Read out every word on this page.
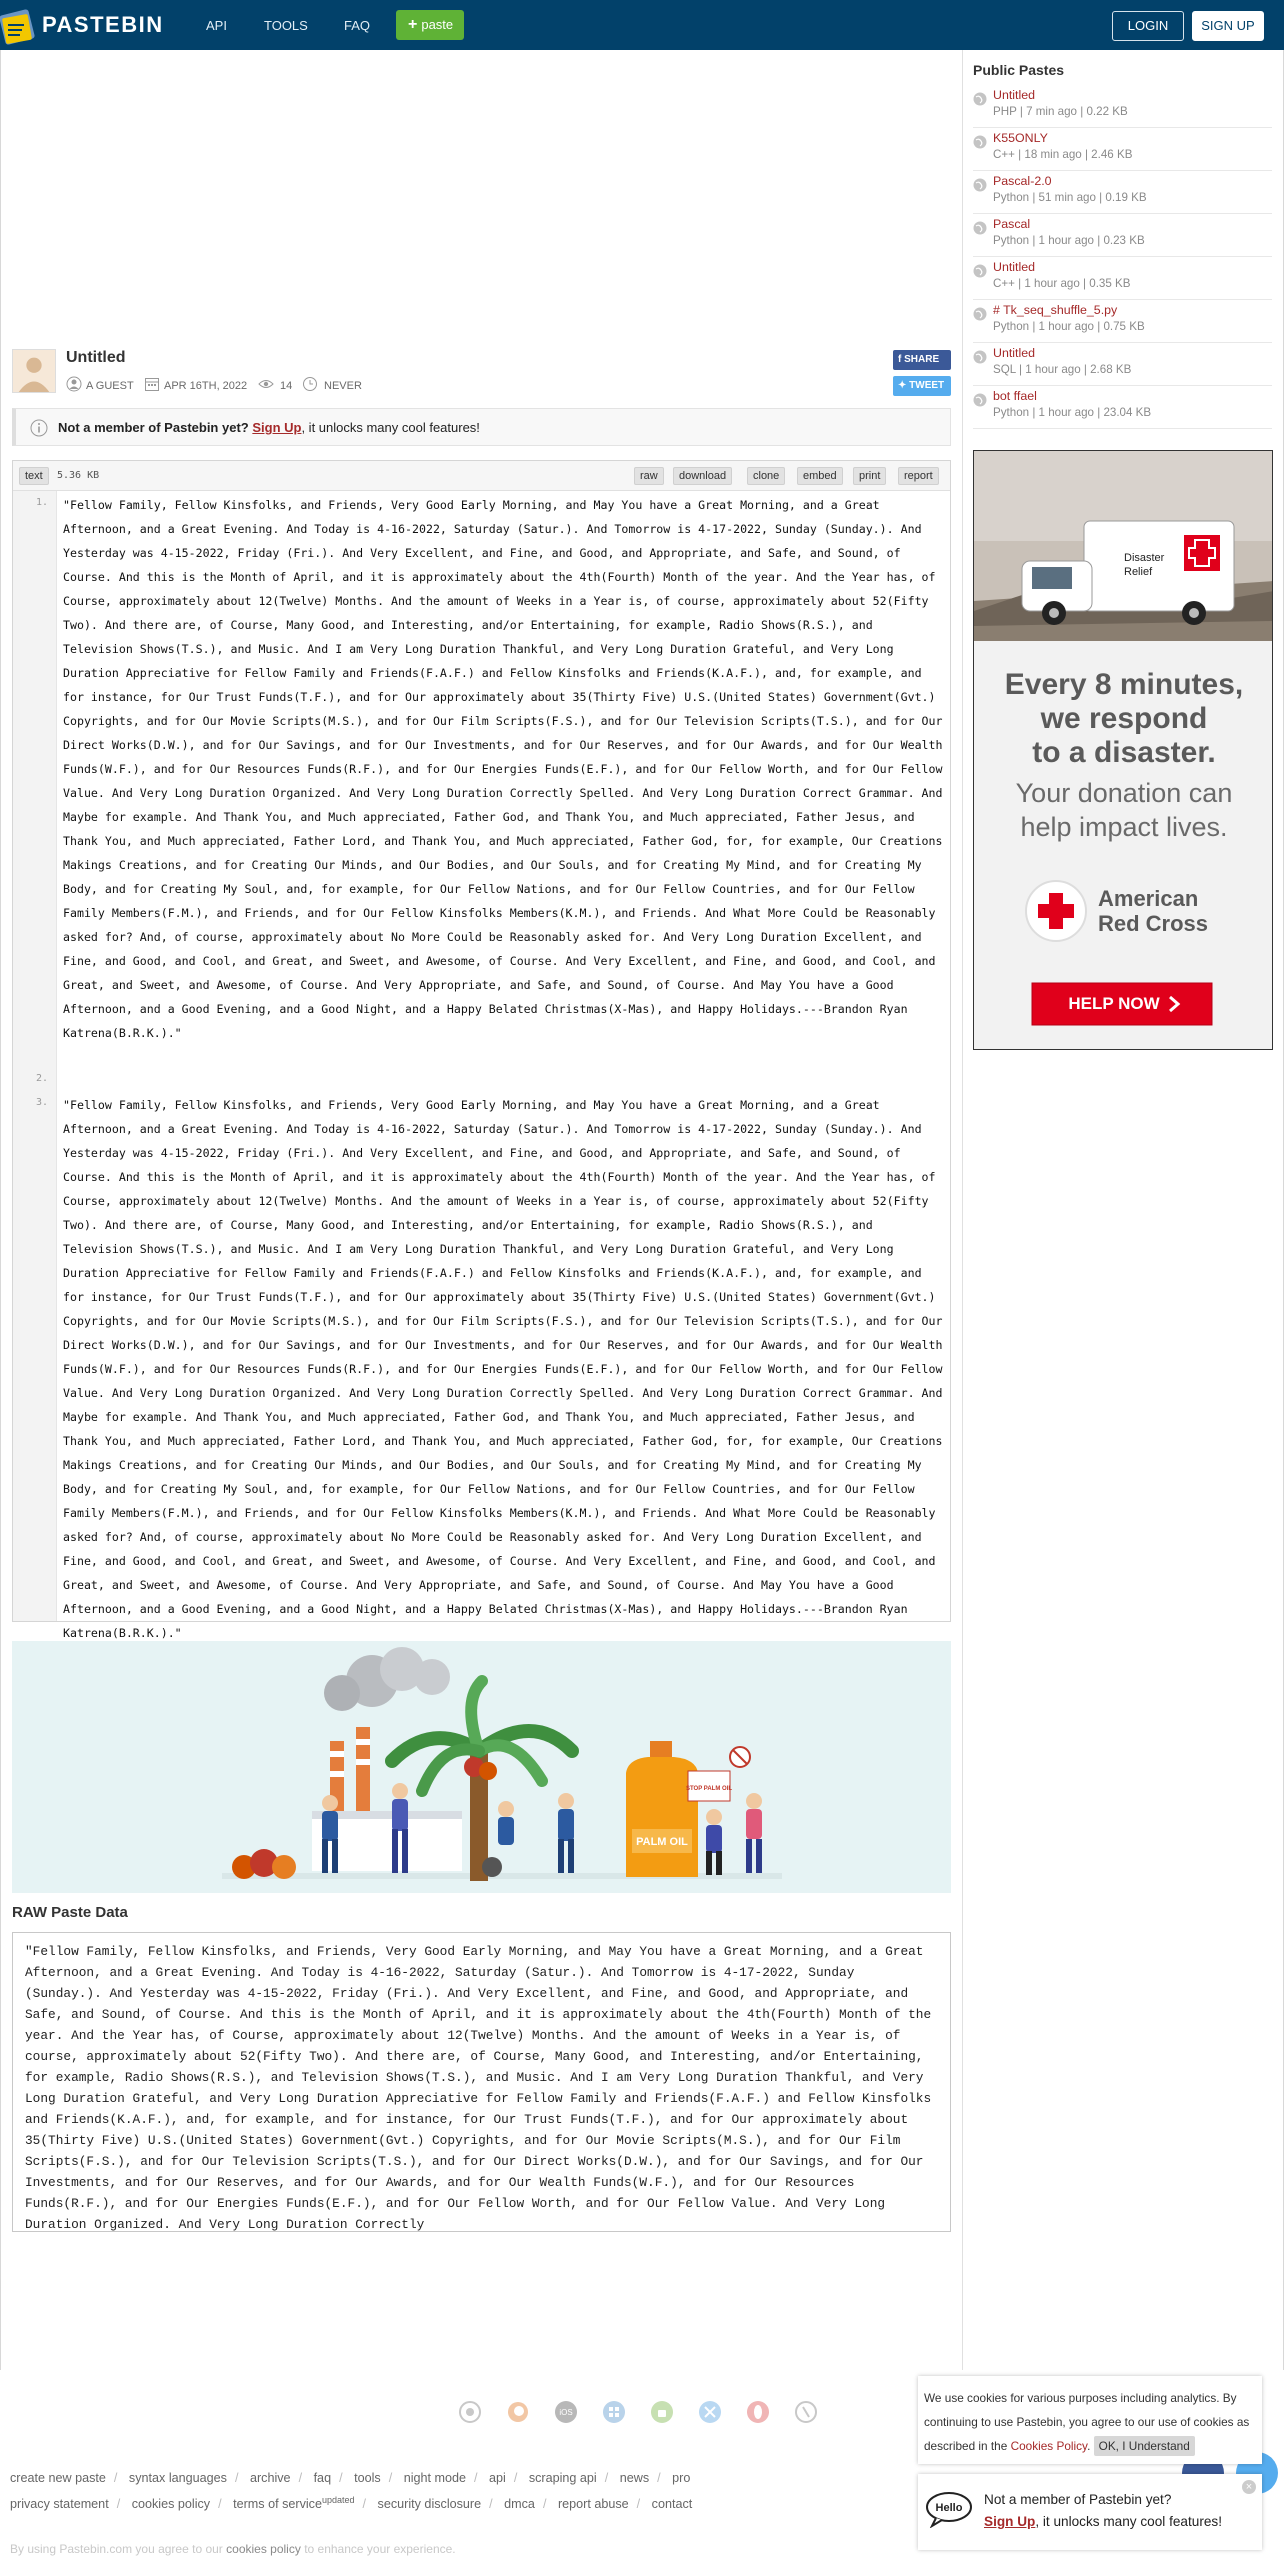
PASTEBIN	API	TOOLS	FAQ	+ paste	LOGIN	SIGN UP
Untitled
A GUEST	APR 16TH, 2022	14	NEVER
f SHARE
✦ TWEET
Not a member of Pastebin yet? Sign Up, it unlocks many cool features!
text	5.36 KB	raw	download	clone	embed	print	report
1.
2.
3.
"Fellow Family, Fellow Kinsfolks, and Friends, Very Good Early Morning, and May You have a Great Morning, and a Great Afternoon, and a Great Evening. And Today is 4-16-2022, Saturday (Satur.). And Tomorrow is 4-17-2022, Sunday (Sunday.). And Yesterday was 4-15-2022, Friday (Fri.). And Very Excellent, and Fine, and Good, and Appropriate, and Safe, and Sound, of Course. And this is the Month of April, and it is approximately about the 4th(Fourth) Month of the year. And the Year has, of Course, approximately about 12(Twelve) Months. And the amount of Weeks in a Year is, of course, approximately about 52(Fifty Two). And there are, of Course, Many Good, and Interesting, and/or Entertaining, for example, Radio Shows(R.S.), and Television Shows(T.S.), and Music. And I am Very Long Duration Thankful, and Very Long Duration Grateful, and Very Long Duration Appreciative for Fellow Family and Friends(F.A.F.) and Fellow Kinsfolks and Friends(K.A.F.), and, for example, and for instance, for Our Trust Funds(T.F.), and for Our approximately about 35(Thirty Five) U.S.(United States) Government(Gvt.) Copyrights, and for Our Movie Scripts(M.S.), and for Our Film Scripts(F.S.), and for Our Television Scripts(T.S.), and for Our Direct Works(D.W.), and for Our Savings, and for Our Investments, and for Our Reserves, and for Our Awards, and for Our Wealth Funds(W.F.), and for Our Resources Funds(R.F.), and for Our Energies Funds(E.F.), and for Our Fellow Worth, and for Our Fellow Value. And Very Long Duration Organized. And Very Long Duration Correctly Spelled. And Very Long Duration Correct Grammar. And Maybe for example. And Thank You, and Much appreciated, Father God, and Thank You, and Much appreciated, Father Jesus, and Thank You, and Much appreciated, Father Lord, and Thank You, and Much appreciated, Father God, for, for example, Our Creations Makings Creations, and for Creating Our Minds, and Our Bodies, and Our Souls, and for Creating My Mind, and for Creating My Body, and for Creating My Soul, and, for example, for Our Fellow Nations, and for Our Fellow Countries, and for Our Fellow Family Members(F.M.), and Friends, and for Our Fellow Kinsfolks Members(K.M.), and Friends. And What More Could be Reasonably asked for? And, of course, approximately about No More Could be Reasonably asked for. And Very Long Duration Excellent, and Fine, and Good, and Cool, and Great, and Sweet, and Awesome, of Course. And Very Excellent, and Fine, and Good, and Cool, and Great, and Sweet, and Awesome, of Course. And Very Appropriate, and Safe, and Sound, of Course. And May You have a Good Afternoon, and a Good Evening, and a Good Night, and a Happy Belated Christmas(X-Mas), and Happy Holidays.---Brandon Ryan Katrena(B.R.K.)."
"Fellow Family, Fellow Kinsfolks, and Friends, Very Good Early Morning, and May You have a Great Morning, and a Great Afternoon, and a Great Evening. And Today is 4-16-2022, Saturday (Satur.). And Tomorrow is 4-17-2022, Sunday (Sunday.). And Yesterday was 4-15-2022, Friday (Fri.). And Very Excellent, and Fine, and Good, and Appropriate, and Safe, and Sound, of Course. And this is the Month of April, and it is approximately about the 4th(Fourth) Month of the year. And the Year has, of Course, approximately about 12(Twelve) Months. And the amount of Weeks in a Year is, of course, approximately about 52(Fifty Two). And there are, of Course, Many Good, and Interesting, and/or Entertaining, for example, Radio Shows(R.S.), and Television Shows(T.S.), and Music. And I am Very Long Duration Thankful, and Very Long Duration Grateful, and Very Long Duration Appreciative for Fellow Family and Friends(F.A.F.) and Fellow Kinsfolks and Friends(K.A.F.), and, for example, and for instance, for Our Trust Funds(T.F.), and for Our approximately about 35(Thirty Five) U.S.(United States) Government(Gvt.) Copyrights, and for Our Movie Scripts(M.S.), and for Our Film Scripts(F.S.), and for Our Television Scripts(T.S.), and for Our Direct Works(D.W.), and for Our Savings, and for Our Investments, and for Our Reserves, and for Our Awards, and for Our Wealth Funds(W.F.), and for Our Resources Funds(R.F.), and for Our Energies Funds(E.F.), and for Our Fellow Worth, and for Our Fellow Value. And Very Long Duration Organized. And Very Long Duration Correctly Spelled. And Very Long Duration Correct Grammar. And Maybe for example. And Thank You, and Much appreciated, Father God, and Thank You, and Much appreciated, Father Jesus, and Thank You, and Much appreciated, Father Lord, and Thank You, and Much appreciated, Father God, for, for example, Our Creations Makings Creations, and for Creating Our Minds, and Our Bodies, and Our Souls, and for Creating My Mind, and for Creating My Body, and for Creating My Soul, and, for example, for Our Fellow Nations, and for Our Fellow Countries, and for Our Fellow Family Members(F.M.), and Friends, and for Our Fellow Kinsfolks Members(K.M.), and Friends. And What More Could be Reasonably asked for? And, of course, approximately about No More Could be Reasonably asked for. And Very Long Duration Excellent, and Fine, and Good, and Cool, and Great, and Sweet, and Awesome, of Course. And Very Excellent, and Fine, and Good, and Cool, and Great, and Sweet, and Awesome, of Course. And Very Appropriate, and Safe, and Sound, of Course. And May You have a Good Afternoon, and a Good Evening, and a Good Night, and a Happy Belated Christmas(X-Mas), and Happy Holidays.---Brandon Ryan Katrena(B.R.K.)."
PALM OIL
STOP PALM OIL
RAW Paste Data
"Fellow Family, Fellow Kinsfolks, and Friends, Very Good Early Morning, and May You have a Great Morning, and a Great Afternoon, and a Great Evening. And Today is 4-16-2022, Saturday (Satur.). And Tomorrow is 4-17-2022, Sunday (Sunday.). And Yesterday was 4-15-2022, Friday (Fri.). And Very Excellent, and Fine, and Good, and Appropriate, and Safe, and Sound, of Course. And this is the Month of April, and it is approximately about the 4th(Fourth) Month of the year. And the Year has, of Course, approximately about 12(Twelve) Months. And the amount of Weeks in a Year is, of course, approximately about 52(Fifty Two). And there are, of Course, Many Good, and Interesting, and/or Entertaining, for example, Radio Shows(R.S.), and Television Shows(T.S.), and Music. And I am Very Long Duration Thankful, and Very Long Duration Grateful, and Very Long Duration Appreciative for Fellow Family and Friends(F.A.F.) and Fellow Kinsfolks and Friends(K.A.F.), and, for example, and for instance, for Our Trust Funds(T.F.), and for Our approximately about 35(Thirty Five) U.S.(United States) Government(Gvt.) Copyrights, and for Our Movie Scripts(M.S.), and for Our Film Scripts(F.S.), and for Our Television Scripts(T.S.), and for Our Direct Works(D.W.), and for Our Savings, and for Our Investments, and for Our Reserves, and for Our Awards, and for Our Wealth Funds(W.F.), and for Our Resources Funds(R.F.), and for Our Energies Funds(E.F.), and for Our Fellow Worth, and for Our Fellow Value. And Very Long Duration Organized. And Very Long Duration Correctly
Public Pastes
Untitled
PHP | 7 min ago | 0.22 KB
K55ONLY
C++ | 18 min ago | 2.46 KB
Pascal-2.0
Python | 51 min ago | 0.19 KB
Pascal
Python | 1 hour ago | 0.23 KB
Untitled
C++ | 1 hour ago | 0.35 KB
# Tk_seq_shuffle_5.py
Python | 1 hour ago | 0.75 KB
Untitled
SQL | 1 hour ago | 2.68 KB
bot ffael
Python | 1 hour ago | 23.04 KB
Disaster
Relief
Every 8 minutes,
we respond
to a disaster.
Your donation can
help impact lives.
American
Red Cross
HELP NOW
iOS
create new paste / syntax languages / archive / faq / tools / night mode / api / scraping api / news / pro
privacy statement / cookies policy / terms of service$^{updated}$ / security disclosure / dmca / report abuse / contact
By using Pastebin.com you agree to our cookies policy to enhance your experience.
We use cookies for various purposes including analytics. By continuing to use Pastebin, you agree to our use of cookies as described in the Cookies Policy. OK, I Understand
Hello
Not a member of Pastebin yet?
Sign Up, it unlocks many cool features!
×
